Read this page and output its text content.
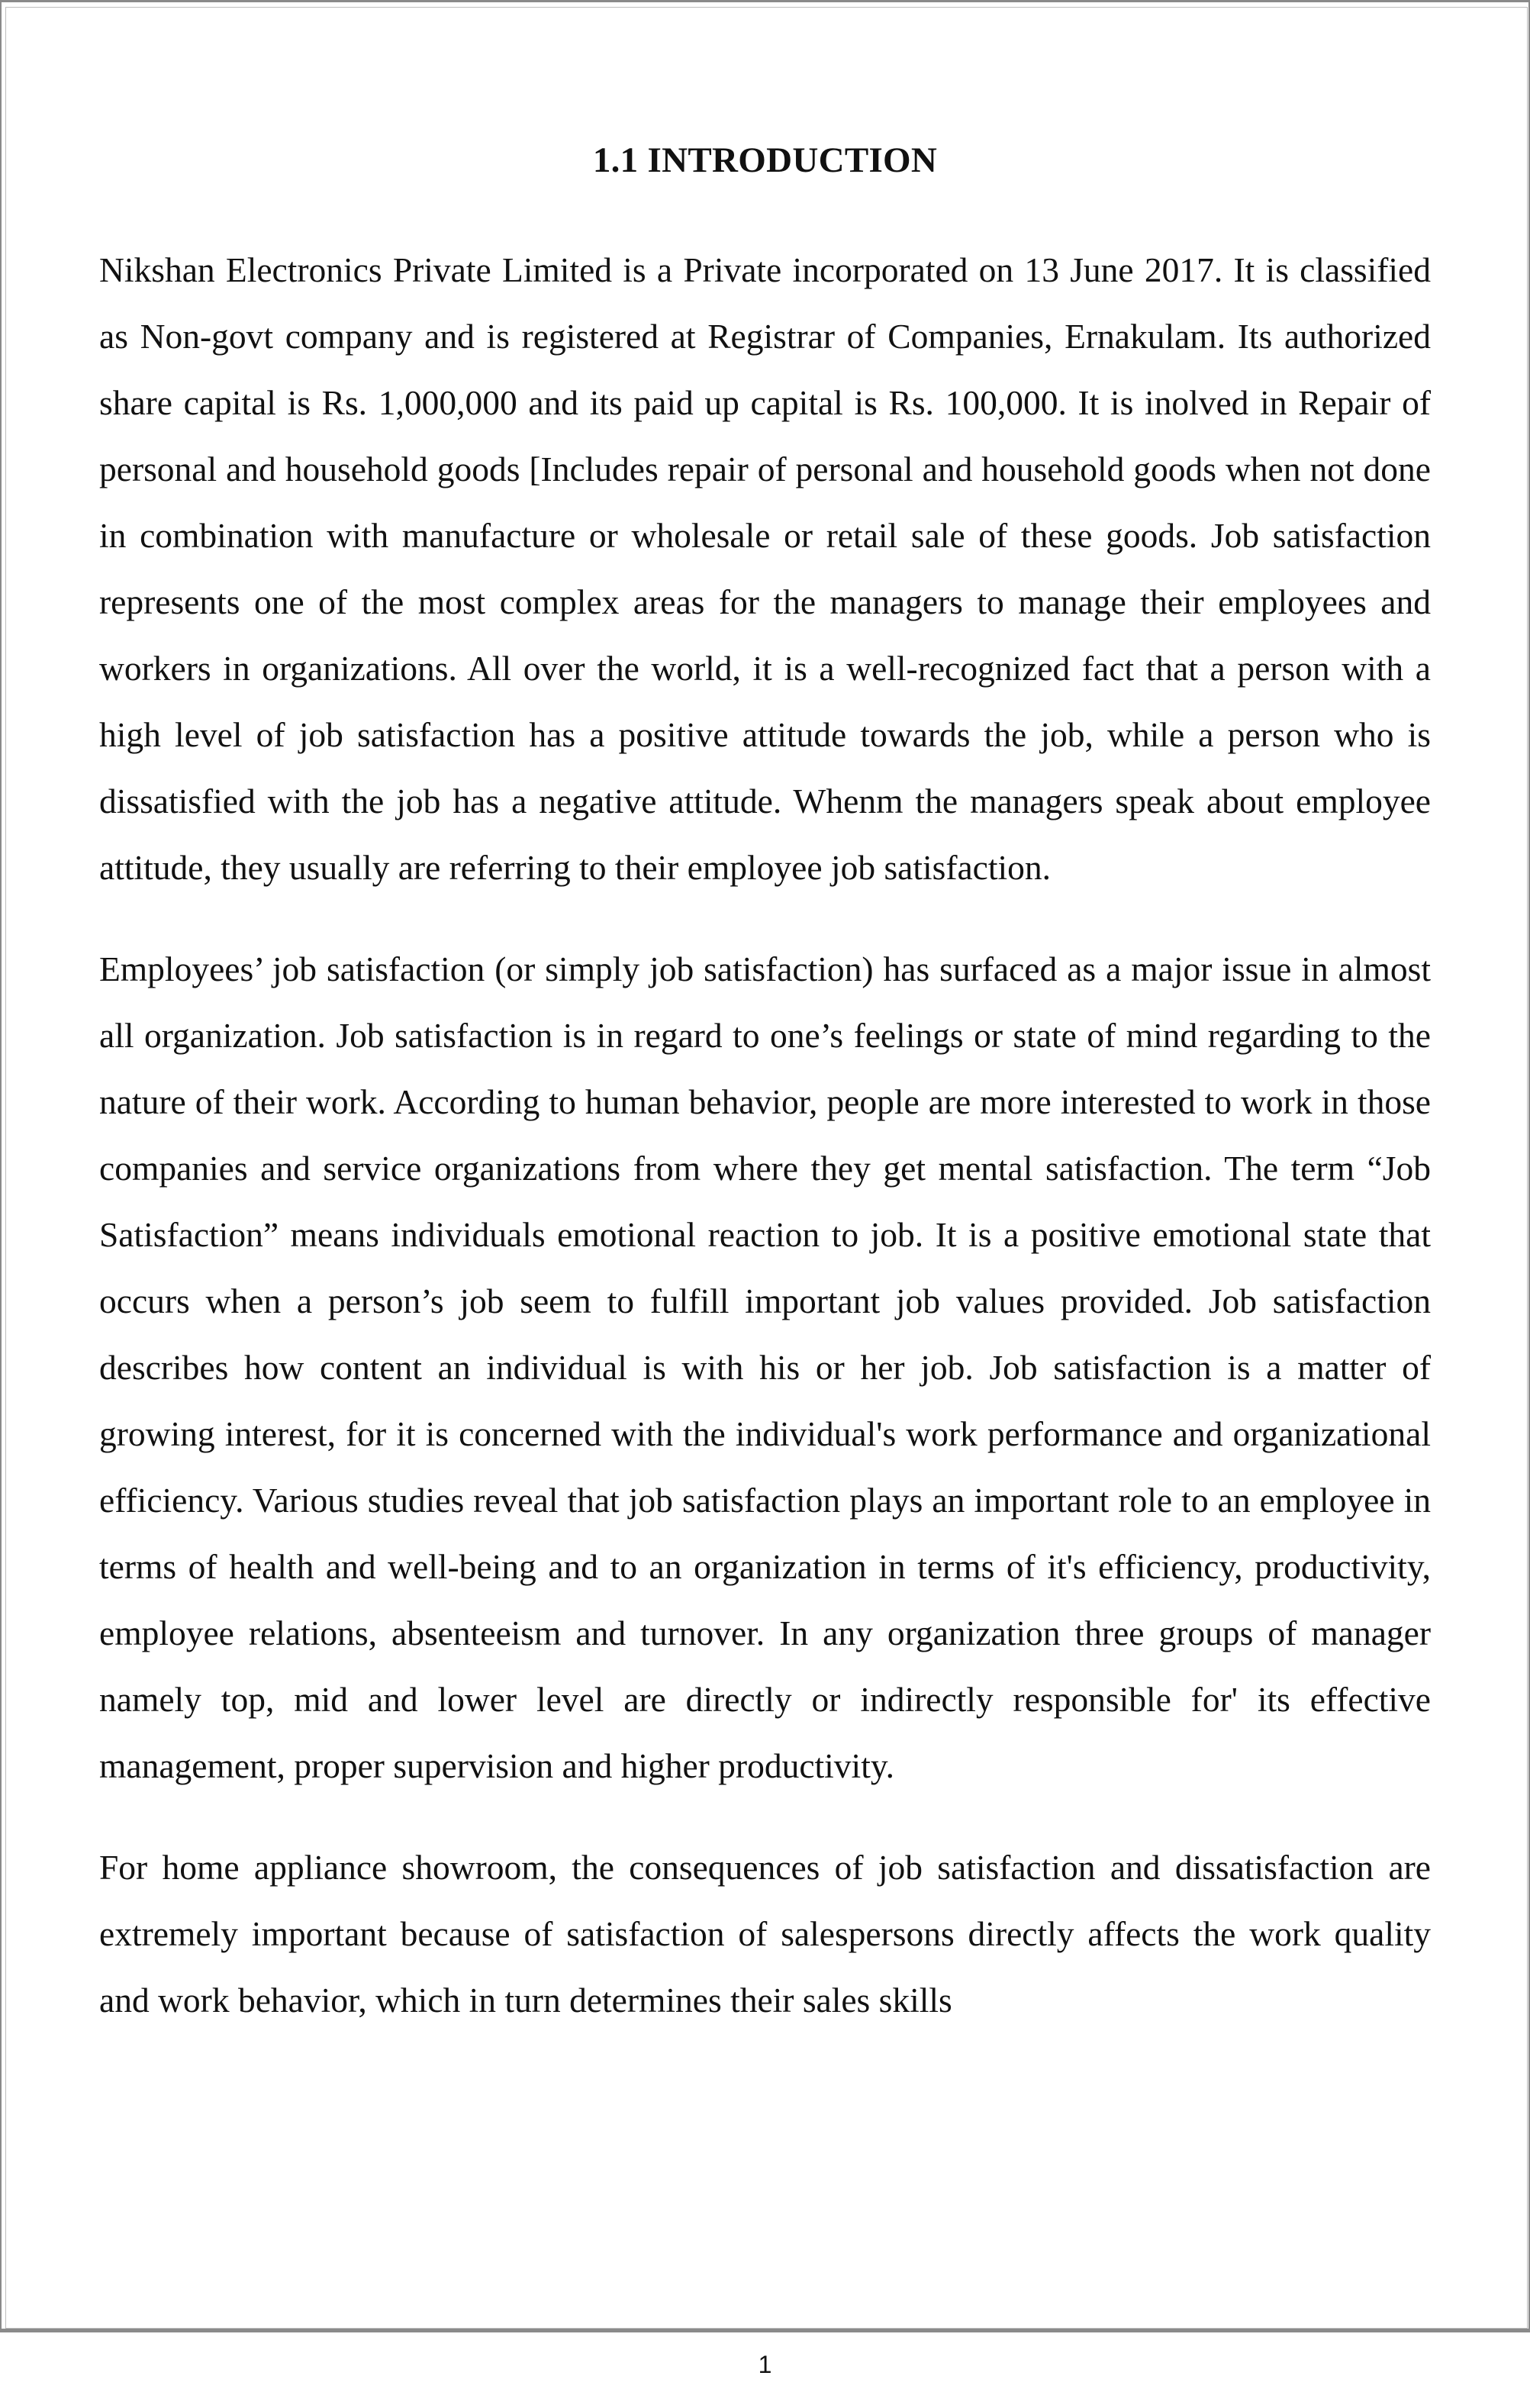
1.1 INTRODUCTION

Nikshan Electronics Private Limited is a Private incorporated on 13 June 2017. It is classified as Non-govt company and is registered at Registrar of Companies, Ernakulam. Its authorized share capital is Rs. 1,000,000 and its paid up capital is Rs. 100,000. It is inolved in Repair of personal and household goods [Includes repair of personal and household goods when not done in combination with manufacture or wholesale or retail sale of these goods. Job satisfaction represents one of the most complex areas for the managers to manage their employees and workers in organizations. All over the world, it is a well-recognized fact that a person with a high level of job satisfaction has a positive attitude towards the job, while a person who is dissatisfied with the job has a negative attitude. Whenm the managers speak about employee attitude, they usually are referring to their employee job satisfaction.

Employees’ job satisfaction (or simply job satisfaction) has surfaced as a major issue in almost all organization. Job satisfaction is in regard to one’s feelings or state of mind regarding to the nature of their work. According to human behavior, people are more interested to work in those companies and service organizations from where they get mental satisfaction. The term “Job Satisfaction” means individuals emotional reaction to job. It is a positive emotional state that occurs when a person’s job seem to fulfill important job values provided. Job satisfaction describes how content an individual is with his or her job. Job satisfaction is a matter of growing interest, for it is concerned with the individual's work performance and organizational efficiency. Various studies reveal that job satisfaction plays an important role to an employee in terms of health and well-being and to an organization in terms of it's efficiency, productivity, employee relations, absenteeism and turnover. In any organization three groups of manager namely top, mid and lower level are directly or indirectly responsible for' its effective management, proper supervision and higher productivity.

For home appliance showroom, the consequences of job satisfaction and dissatisfaction are extremely important because of satisfaction of salespersons directly affects the work quality and work behavior, which in turn determines their sales skills

1
